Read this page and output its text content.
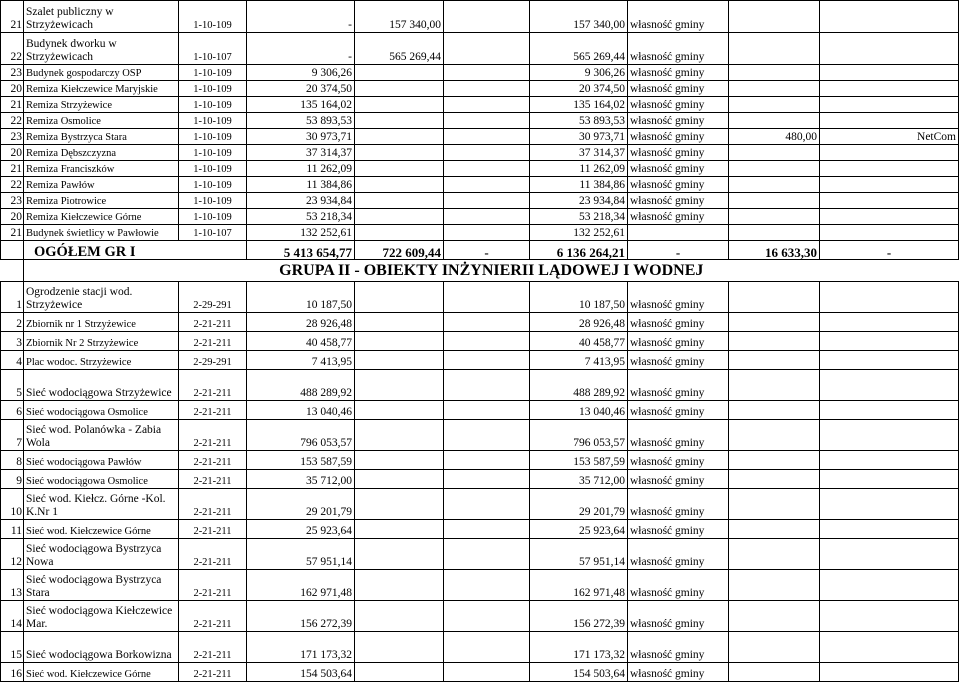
21	Szalet publiczny w Strzyżewicach	1-10-109	-	157 340,00		157 340,00	własność gminy		
22	Budynek dworku w Strzyżewicach	1-10-107	-	565 269,44		565 269,44	własność gminy		
23	Budynek gospodarczy OSP	1-10-109	9 306,26			9 306,26	własność gminy		
20	Remiza Kiełczewice Maryjskie	1-10-109	20 374,50			20 374,50	własność gminy		
21	Remiza Strzyżewice	1-10-109	135 164,02			135 164,02	własność gminy		
22	Remiza Osmolice	1-10-109	53 893,53			53 893,53	własność gminy		
23	Remiza Bystrzyca Stara	1-10-109	30 973,71			30 973,71	własność gminy	480,00	NetCom
20	Remiza Dębszczyzna	1-10-109	37 314,37			37 314,37	własność gminy		
21	Remiza Franciszków	1-10-109	11 262,09			11 262,09	własność gminy		
22	Remiza Pawłów	1-10-109	11 384,86			11 384,86	własność gminy		
23	Remiza Piotrowice	1-10-109	23 934,84			23 934,84	własność gminy		
20	Remiza Kiełczewice Górne	1-10-109	53 218,34			53 218,34	własność gminy		
21	Budynek świetlicy w Pawłowie	1-10-107	132 252,61			132 252,61			
	OGÓŁEM GR I		5 413 654,77	722 609,44	-	6 136 264,21	-	16 633,30	-
	GRUPA II - OBIEKTY INŻYNIERII LĄDOWEJ I WODNEJ								
1	Ogrodzenie stacji wod. Strzyżewice	2-29-291	10 187,50			10 187,50	własność gminy		
2	Zbiornik nr 1 Strzyżewice	2-21-211	28 926,48			28 926,48	własność gminy		
3	Zbiornik Nr 2 Strzyżewice	2-21-211	40 458,77			40 458,77	własność gminy		
4	Plac wodoc. Strzyżewice	2-29-291	7 413,95			7 413,95	własność gminy		
5	Sieć wodociągowa Strzyżewice	2-21-211	488 289,92			488 289,92	własność gminy		
6	Sieć wodociągowa Osmolice	2-21-211	13 040,46			13 040,46	własność gminy		
7	Sieć wod. Polanówka - Zabia Wola	2-21-211	796 053,57			796 053,57	własność gminy		
8	Sieć wodociągowa Pawłów	2-21-211	153 587,59			153 587,59	własność gminy		
9	Sieć wodociągowa Osmolice	2-21-211	35 712,00			35 712,00	własność gminy		
10	Sieć wod. Kiełcz. Górne -Kol. K.Nr 1	2-21-211	29 201,79			29 201,79	własność gminy		
11	Sieć wod. Kiełczewice Górne	2-21-211	25 923,64			25 923,64	własność gminy		
12	Sieć wodociągowa Bystrzyca Nowa	2-21-211	57 951,14			57 951,14	własność gminy		
13	Sieć wodociągowa Bystrzyca Stara	2-21-211	162 971,48			162 971,48	własność gminy		
14	Sieć wodociągowa Kiełczewice Mar.	2-21-211	156 272,39			156 272,39	własność gminy		
15	Sieć wodociągowa Borkowizna	2-21-211	171 173,32			171 173,32	własność gminy		
16	Sieć wod. Kiełczewice Górne	2-21-211	154 503,64			154 503,64	własność gminy		
